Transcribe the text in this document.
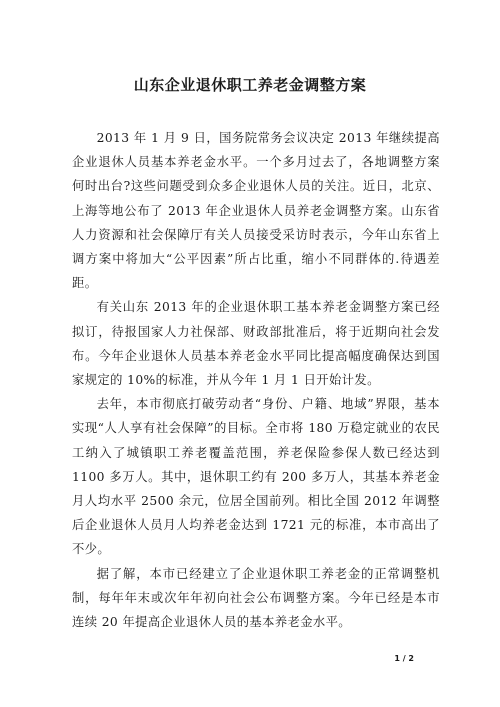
山东企业退休职工养老金调整方案

2013 年 1 月 9 日，国务院常务会议决定 2013 年继续提高企业退休人员基本养老金水平。一个多月过去了，各地调整方案何时出台?这些问题受到众多企业退休人员的关注。近日，北京、上海等地公布了 2013 年企业退休人员养老金调整方案。山东省人力资源和社会保障厅有关人员接受采访时表示，今年山东省上调方案中将加大“公平因素”所占比重，缩小不同群体的.待遇差距。

有关山东 2013 年的企业退休职工基本养老金调整方案已经拟订，待报国家人力社保部、财政部批准后，将于近期向社会发布。今年企业退休人员基本养老金水平同比提高幅度确保达到国家规定的 10%的标准，并从今年 1 月 1 日开始计发。

去年，本市彻底打破劳动者“身份、户籍、地域”界限，基本实现“人人享有社会保障”的目标。全市将 180 万稳定就业的农民工纳入了城镇职工养老覆盖范围，养老保险参保人数已经达到 1100 多万人。其中，退休职工约有 200 多万人，其基本养老金月人均水平 2500 余元，位居全国前列。相比全国 2012 年调整后企业退休人员月人均养老金达到 1721 元的标准，本市高出了不少。

据了解，本市已经建立了企业退休职工养老金的正常调整机制，每年年末或次年年初向社会公布调整方案。今年已经是本市连续 20 年提高企业退休人员的基本养老金水平。

1 / 2
